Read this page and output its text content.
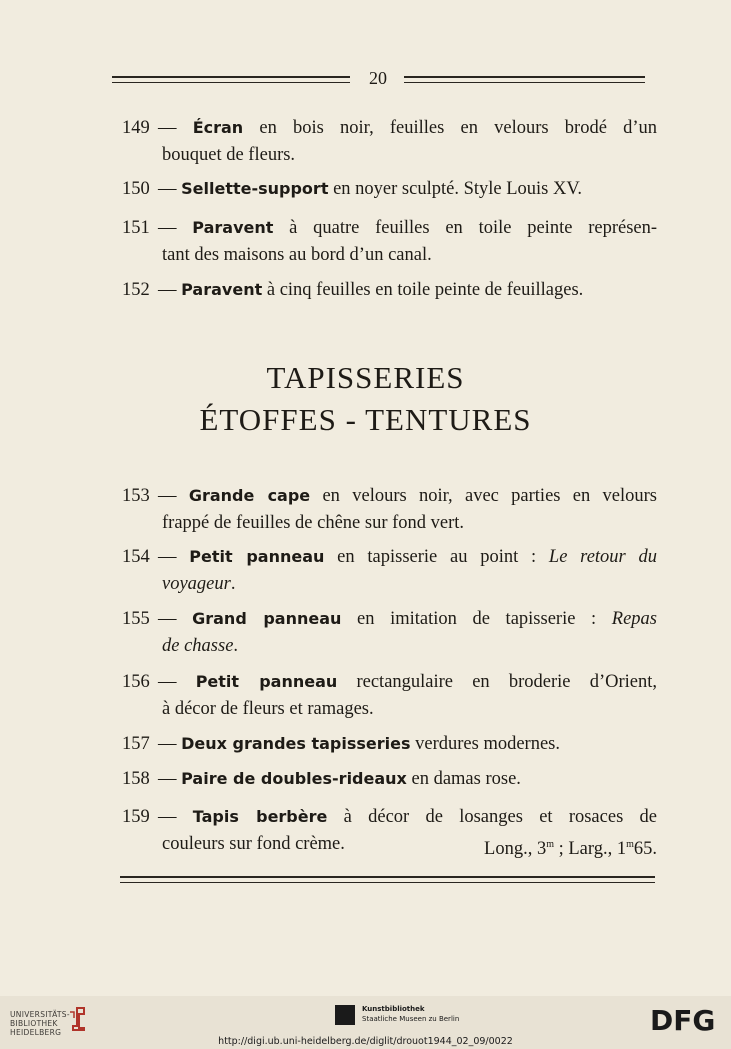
20
149 — Écran en bois noir, feuilles en velours brodé d’un
bouquet de fleurs.
150 — Sellette-support en noyer sculpté. Style Louis XV.
151 — Paravent à quatre feuilles en toile peinte représen-
tant des maisons au bord d’un canal.
152 — Paravent à cinq feuilles en toile peinte de feuillages.
TAPISSERIES
ÉTOFFES - TENTURES
153 — Grande cape en velours noir, avec parties en velours
frappé de feuilles de chêne sur fond vert.
154 — Petit panneau en tapisserie au point : Le retour du
voyageur.
155 — Grand panneau en imitation de tapisserie : Repas
de chasse.
156 — Petit panneau rectangulaire en broderie d’Orient,
à décor de fleurs et ramages.
157 — Deux grandes tapisseries verdures modernes.
158 — Paire de doubles-rideaux en damas rose.
159 — Tapis berbère à décor de losanges et rosaces de
couleurs sur fond crème.	Long., 3$^m$ ; Larg., 1$^m$65.
UNIVERSITÄTS-
BIBLIOTHEK
HEIDELBERG
Kunstbibliothek
Staatliche Museen zu Berlin	DFG
http://digi.ub.uni-heidelberg.de/diglit/drouot1944_02_09/0022
